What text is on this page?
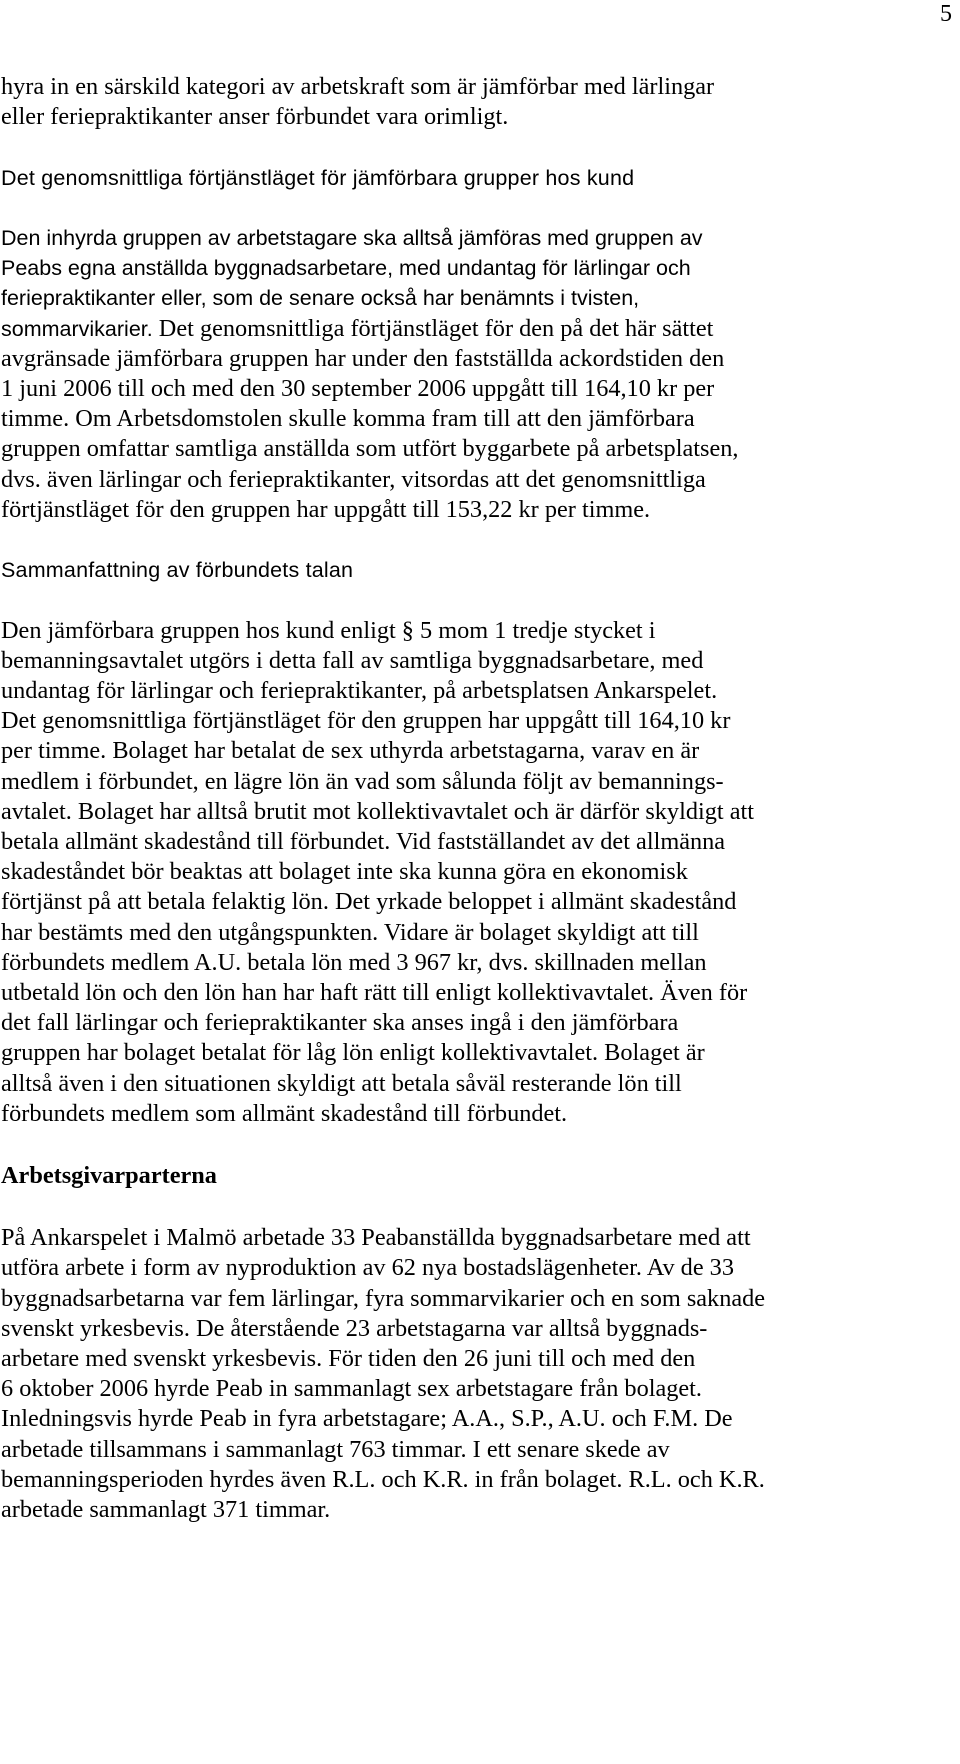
5

hyra in en särskild kategori av arbetskraft som är jämförbar med lärlingar
eller feriepraktikanter anser förbundet vara orimligt.

Det genomsnittliga förtjänstläget för jämförbara grupper hos kund

Den inhyrda gruppen av arbetstagare ska alltså jämföras med gruppen av
Peabs egna anställda byggnadsarbetare, med undantag för lärlingar och
feriepraktikanter eller, som de senare också har benämnts i tvisten,
sommarvikarier. Det genomsnittliga förtjänstläget för den på det här sättet
avgränsade jämförbara gruppen har under den fastställda ackordstiden den
1 juni 2006 till och med den 30 september 2006 uppgått till 164,10 kr per
timme. Om Arbetsdomstolen skulle komma fram till att den jämförbara
gruppen omfattar samtliga anställda som utfört byggarbete på arbetsplatsen,
dvs. även lärlingar och feriepraktikanter, vitsordas att det genomsnittliga
förtjänstläget för den gruppen har uppgått till 153,22 kr per timme.

Sammanfattning av förbundets talan

Den jämförbara gruppen hos kund enligt § 5 mom 1 tredje stycket i
bemanningsavtalet utgörs i detta fall av samtliga byggnadsarbetare, med
undantag för lärlingar och feriepraktikanter, på arbetsplatsen Ankarspelet.
Det genomsnittliga förtjänstläget för den gruppen har uppgått till 164,10 kr
per timme. Bolaget har betalat de sex uthyrda arbetstagarna, varav en är
medlem i förbundet, en lägre lön än vad som sålunda följt av bemannings-
avtalet. Bolaget har alltså brutit mot kollektivavtalet och är därför skyldigt att
betala allmänt skadestånd till förbundet. Vid fastställandet av det allmänna
skadeståndet bör beaktas att bolaget inte ska kunna göra en ekonomisk
förtjänst på att betala felaktig lön. Det yrkade beloppet i allmänt skadestånd
har bestämts med den utgångspunkten. Vidare är bolaget skyldigt att till
förbundets medlem A.U. betala lön med 3 967 kr, dvs. skillnaden mellan
utbetald lön och den lön han har haft rätt till enligt kollektivavtalet. Även för
det fall lärlingar och feriepraktikanter ska anses ingå i den jämförbara
gruppen har bolaget betalat för låg lön enligt kollektivavtalet. Bolaget är
alltså även i den situationen skyldigt att betala såväl resterande lön till
förbundets medlem som allmänt skadestånd till förbundet.

Arbetsgivarparterna

På Ankarspelet i Malmö arbetade 33 Peabanställda byggnadsarbetare med att
utföra arbete i form av nyproduktion av 62 nya bostadslägenheter. Av de 33
byggnadsarbetarna var fem lärlingar, fyra sommarvikarier och en som saknade
svenskt yrkesbevis. De återstående 23 arbetstagarna var alltså byggnads-
arbetare med svenskt yrkesbevis. För tiden den 26 juni till och med den
6 oktober 2006 hyrde Peab in sammanlagt sex arbetstagare från bolaget.
Inledningsvis hyrde Peab in fyra arbetstagare; A.A., S.P., A.U. och F.M. De
arbetade tillsammans i sammanlagt 763 timmar. I ett senare skede av
bemanningsperioden hyrdes även R.L. och K.R. in från bolaget. R.L. och K.R.
arbetade sammanlagt 371 timmar.
